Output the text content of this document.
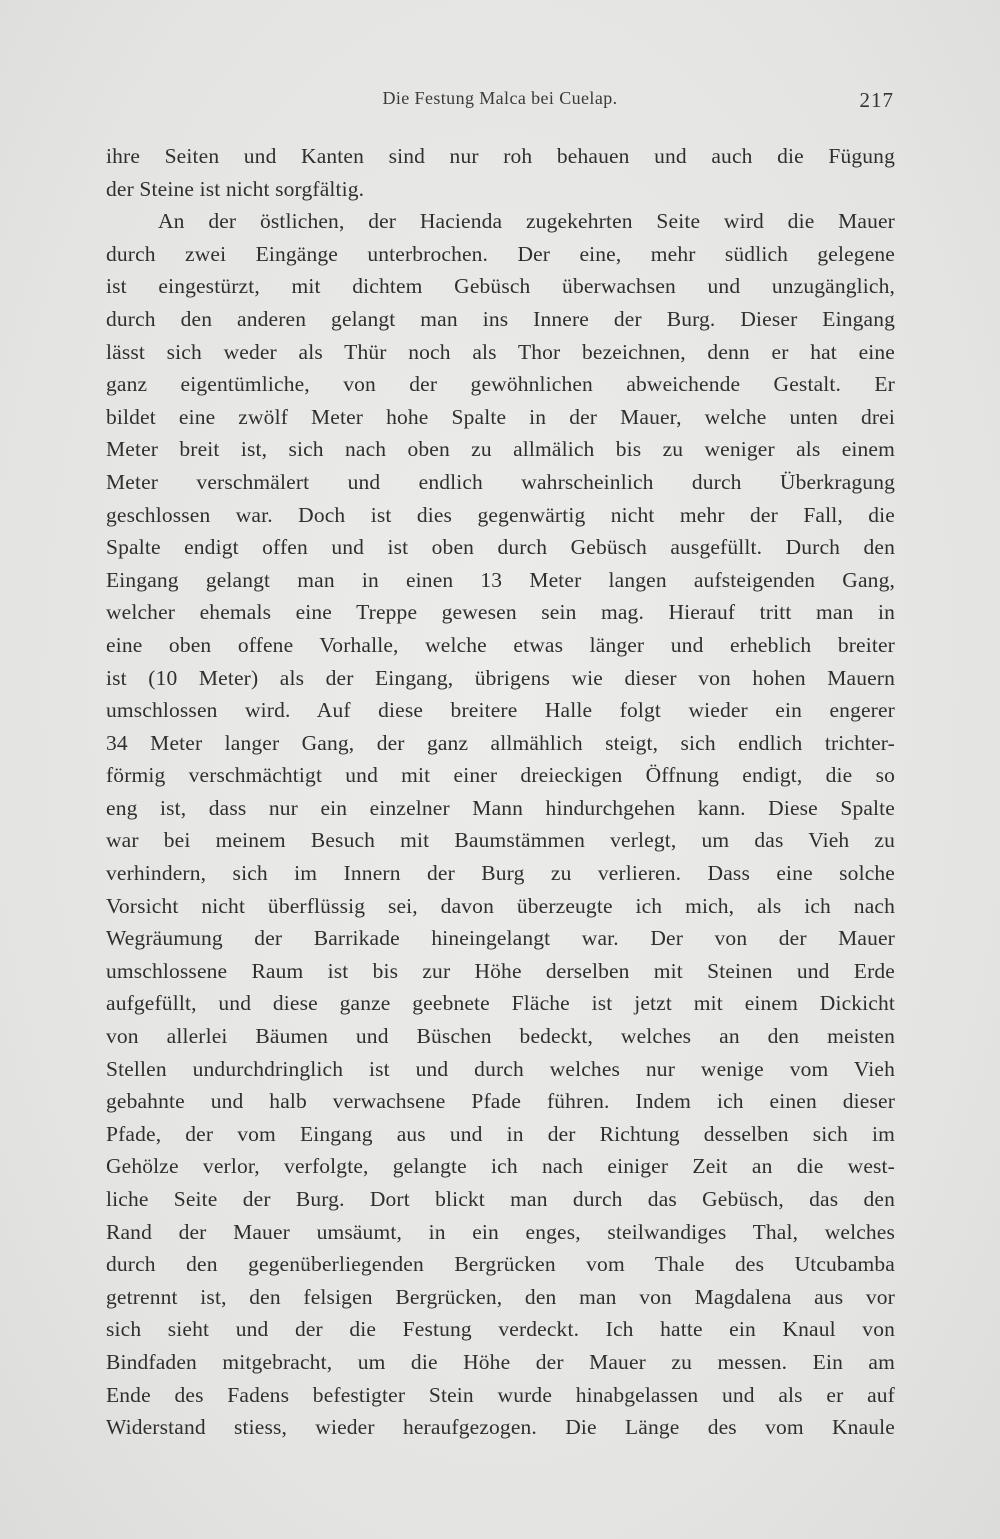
Die Festung Malca bei Cuelap.	217
ihre Seiten und Kanten sind nur roh behauen und auch die Fügung
der Steine ist nicht sorgfältig.
An der östlichen, der Hacienda zugekehrten Seite wird die Mauer
durch zwei Eingänge unterbrochen. Der eine, mehr südlich gelegene
ist eingestürzt, mit dichtem Gebüsch überwachsen und unzugänglich,
durch den anderen gelangt man ins Innere der Burg. Dieser Eingang
lässt sich weder als Thür noch als Thor bezeichnen, denn er hat eine
ganz eigentümliche, von der gewöhnlichen abweichende Gestalt. Er
bildet eine zwölf Meter hohe Spalte in der Mauer, welche unten drei
Meter breit ist, sich nach oben zu allmälich bis zu weniger als einem
Meter verschmälert und endlich wahrscheinlich durch Überkragung
geschlossen war. Doch ist dies gegenwärtig nicht mehr der Fall, die
Spalte endigt offen und ist oben durch Gebüsch ausgefüllt. Durch den
Eingang gelangt man in einen 13 Meter langen aufsteigenden Gang,
welcher ehemals eine Treppe gewesen sein mag. Hierauf tritt man in
eine oben offene Vorhalle, welche etwas länger und erheblich breiter
ist (10 Meter) als der Eingang, übrigens wie dieser von hohen Mauern
umschlossen wird. Auf diese breitere Halle folgt wieder ein engerer
34 Meter langer Gang, der ganz allmählich steigt, sich endlich trichter-
förmig verschmächtigt und mit einer dreieckigen Öffnung endigt, die so
eng ist, dass nur ein einzelner Mann hindurchgehen kann. Diese Spalte
war bei meinem Besuch mit Baumstämmen verlegt, um das Vieh zu
verhindern, sich im Innern der Burg zu verlieren. Dass eine solche
Vorsicht nicht überflüssig sei, davon überzeugte ich mich, als ich nach
Wegräumung der Barrikade hineingelangt war. Der von der Mauer
umschlossene Raum ist bis zur Höhe derselben mit Steinen und Erde
aufgefüllt, und diese ganze geebnete Fläche ist jetzt mit einem Dickicht
von allerlei Bäumen und Büschen bedeckt, welches an den meisten
Stellen undurchdringlich ist und durch welches nur wenige vom Vieh
gebahnte und halb verwachsene Pfade führen. Indem ich einen dieser
Pfade, der vom Eingang aus und in der Richtung desselben sich im
Gehölze verlor, verfolgte, gelangte ich nach einiger Zeit an die west-
liche Seite der Burg. Dort blickt man durch das Gebüsch, das den
Rand der Mauer umsäumt, in ein enges, steilwandiges Thal, welches
durch den gegenüberliegenden Bergrücken vom Thale des Utcubamba
getrennt ist, den felsigen Bergrücken, den man von Magdalena aus vor
sich sieht und der die Festung verdeckt. Ich hatte ein Knaul von
Bindfaden mitgebracht, um die Höhe der Mauer zu messen. Ein am
Ende des Fadens befestigter Stein wurde hinabgelassen und als er auf
Widerstand stiess, wieder heraufgezogen. Die Länge des vom Knaule
